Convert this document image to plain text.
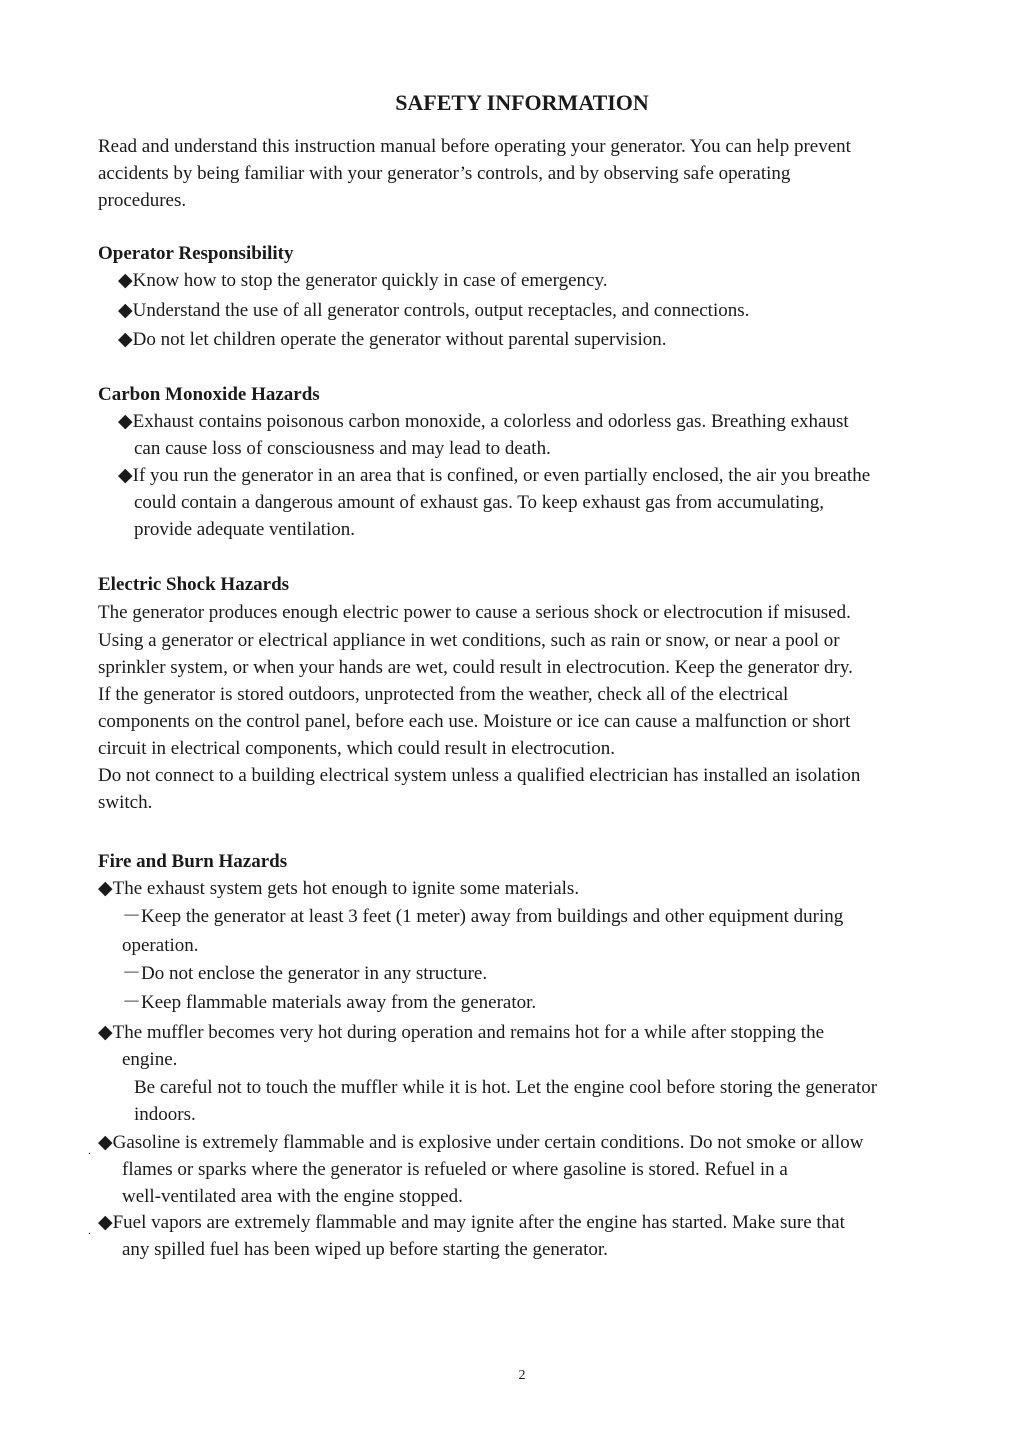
SAFETY INFORMATION
Read and understand this instruction manual before operating your generator. You can help prevent
accidents by being familiar with your generator’s controls, and by observing safe operating
procedures.
Operator Responsibility
◆Know how to stop the generator quickly in case of emergency.
◆Understand the use of all generator controls, output receptacles, and connections.
◆Do not let children operate the generator without parental supervision.
Carbon Monoxide Hazards
◆Exhaust contains poisonous carbon monoxide, a colorless and odorless gas. Breathing exhaust
can cause loss of consciousness and may lead to death.
◆If you run the generator in an area that is confined, or even partially enclosed, the air you breathe
could contain a dangerous amount of exhaust gas. To keep exhaust gas from accumulating,
provide adequate ventilation.
Electric Shock Hazards
The generator produces enough electric power to cause a serious shock or electrocution if misused.
Using a generator or electrical appliance in wet conditions, such as rain or snow, or near a pool or
sprinkler system, or when your hands are wet, could result in electrocution. Keep the generator dry.
If the generator is stored outdoors, unprotected from the weather, check all of the electrical
components on the control panel, before each use. Moisture or ice can cause a malfunction or short
circuit in electrical components, which could result in electrocution.
Do not connect to a building electrical system unless a qualified electrician has installed an isolation
switch.
Fire and Burn Hazards
◆The exhaust system gets hot enough to ignite some materials.
－Keep the generator at least 3 feet (1 meter) away from buildings and other equipment during
operation.
－Do not enclose the generator in any structure.
－Keep flammable materials away from the generator.
◆The muffler becomes very hot during operation and remains hot for a while after stopping the
engine.
Be careful not to touch the muffler while it is hot. Let the engine cool before storing the generator
indoors.
. ◆Gasoline is extremely flammable and is explosive under certain conditions. Do not smoke or allow
flames or sparks where the generator is refueled or where gasoline is stored. Refuel in a
well-ventilated area with the engine stopped.
. ◆Fuel vapors are extremely flammable and may ignite after the engine has started. Make sure that
any spilled fuel has been wiped up before starting the generator.
2
